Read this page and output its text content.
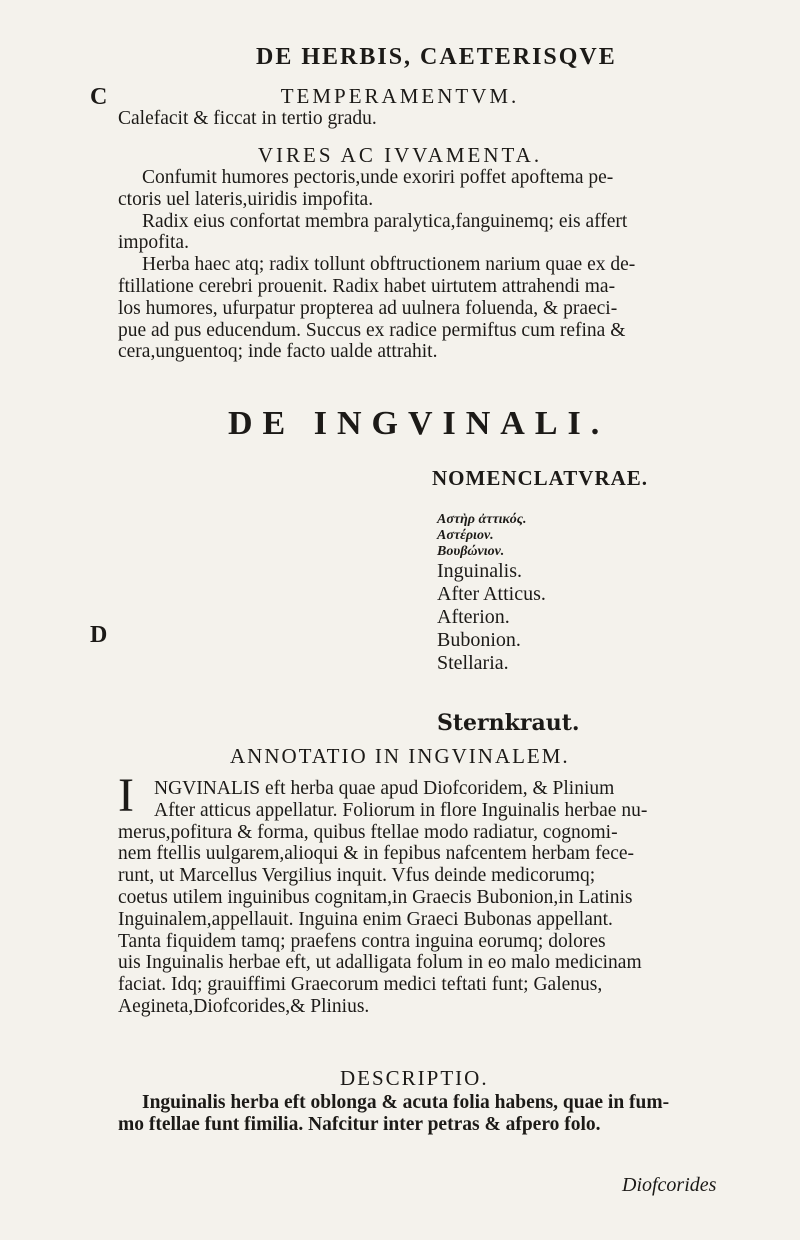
DE HERBIS, CAETERISQVE
C
D
TEMPERAMENTVM.
Calefacit & ficcat in tertio gradu.
VIRES AC IVVAMENTA.
Confumit humores pectoris,unde exoriri poffet apoftema pe-
ctoris uel lateris,uiridis impofita.
Radix eius confortat membra paralytica,fanguinemq; eis affert
impofita.
Herba haec atq; radix tollunt obftructionem narium quae ex de-
ftillatione cerebri prouenit. Radix habet uirtutem attrahendi ma-
los humores, ufurpatur propterea ad uulnera foluenda, & praeci-
pue ad pus educendum. Succus ex radice permiftus cum refina &
cera,unguentoq; inde facto ualde attrahit.
DE INGVINALI.
NOMENCLATVRAE.
Αστὴρ ἀττικός.
Αστέριον.
Βουβώνιον.
Inguinalis.
After Atticus.
Afterion.
Bubonion.
Stellaria.
Sternkraut.
ANNOTATIO IN INGVINALEM.
I	NGVINALIS eft herba quae apud Diofcoridem, & Plinium
After atticus appellatur. Foliorum in flore Inguinalis herbae nu-
merus,pofitura & forma, quibus ftellae modo radiatur, cognomi-
nem ftellis uulgarem,alioqui & in fepibus nafcentem herbam fece-
runt, ut Marcellus Vergilius inquit. Vfus deinde medicorumq;
coetus utilem inguinibus cognitam,in Graecis Bubonion,in Latinis
Inguinalem,appellauit. Inguina enim Graeci Bubonas appellant.
Tanta fiquidem tamq; praefens contra inguina eorumq; dolores
uis Inguinalis herbae eft, ut adalligata folum in eo malo medicinam
faciat. Idq; grauiffimi Graecorum medici teftati funt; Galenus,
Aegineta,Diofcorides,& Plinius.
DESCRIPTIO.
Inguinalis herba eft oblonga & acuta folia habens, quae in fum-
mo ftellae funt fimilia. Nafcitur inter petras & afpero folo.
Diofcorides
